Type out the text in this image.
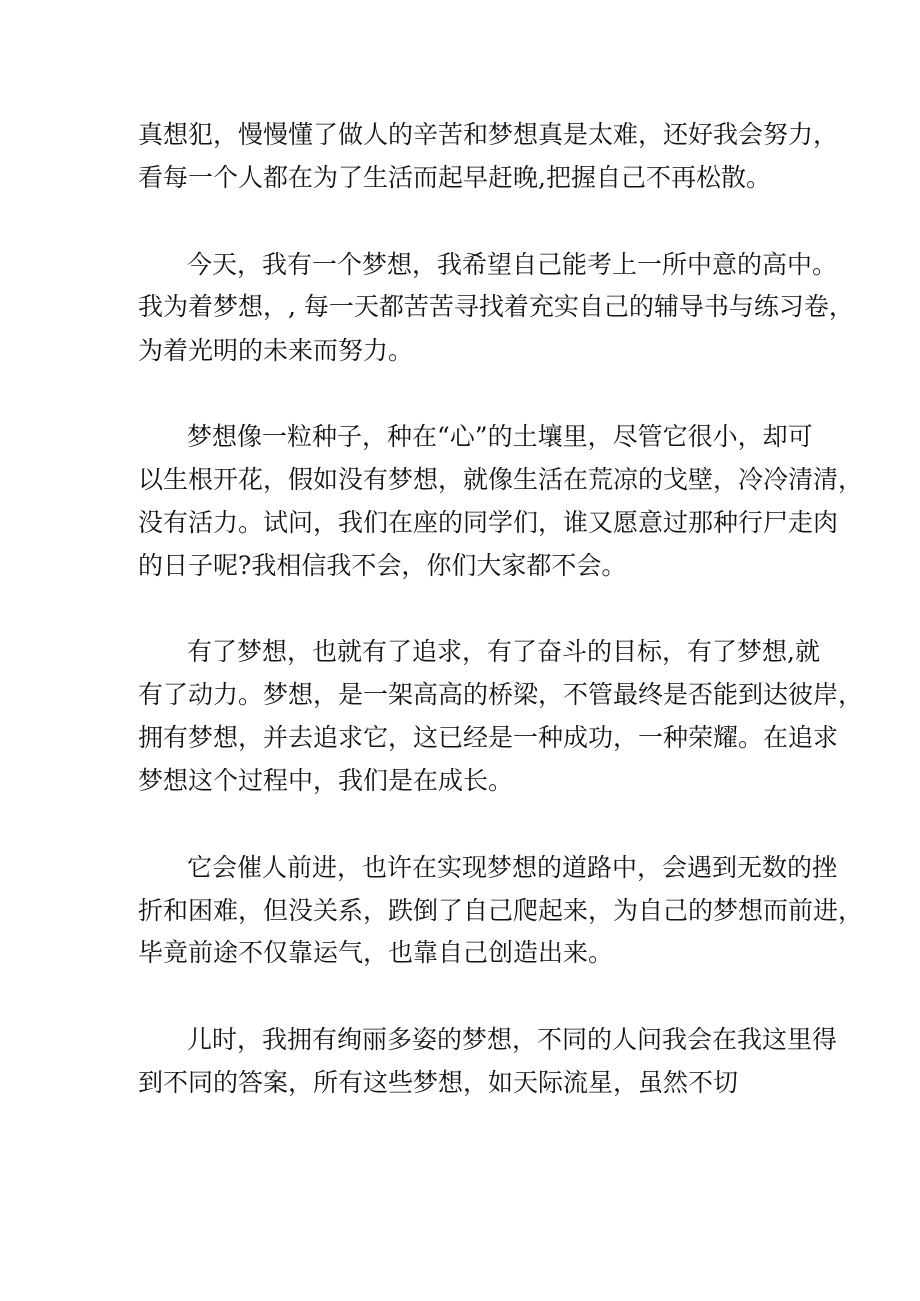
真想犯，慢慢懂了做人的辛苦和梦想真是太难，还好我会努力，

看每一个人都在为了生活而起早赶晚,把握自己不再松散。

今天，我有一个梦想，我希望自己能考上一所中意的高中。

我为着梦想，, 每一天都苦苦寻找着充实自己的辅导书与练习卷，

为着光明的未来而努力。

梦想像一粒种子，种在“心”的土壤里，尽管它很小，却可

以生根开花，假如没有梦想，就像生活在荒凉的戈壁，冷冷清清，

没有活力。试问，我们在座的同学们，谁又愿意过那种行尸走肉

的日子呢?我相信我不会，你们大家都不会。

有了梦想，也就有了追求，有了奋斗的目标，有了梦想,就

有了动力。梦想，是一架高高的桥梁，不管最终是否能到达彼岸，

拥有梦想，并去追求它，这已经是一种成功，一种荣耀。在追求

梦想这个过程中，我们是在成长。

它会催人前进，也许在实现梦想的道路中，会遇到无数的挫

折和困难，但没关系，跌倒了自己爬起来，为自己的梦想而前进，

毕竟前途不仅靠运气，也靠自己创造出来。

儿时，我拥有绚丽多姿的梦想，不同的人问我会在我这里得

到不同的答案，所有这些梦想，如天际流星，虽然不切
